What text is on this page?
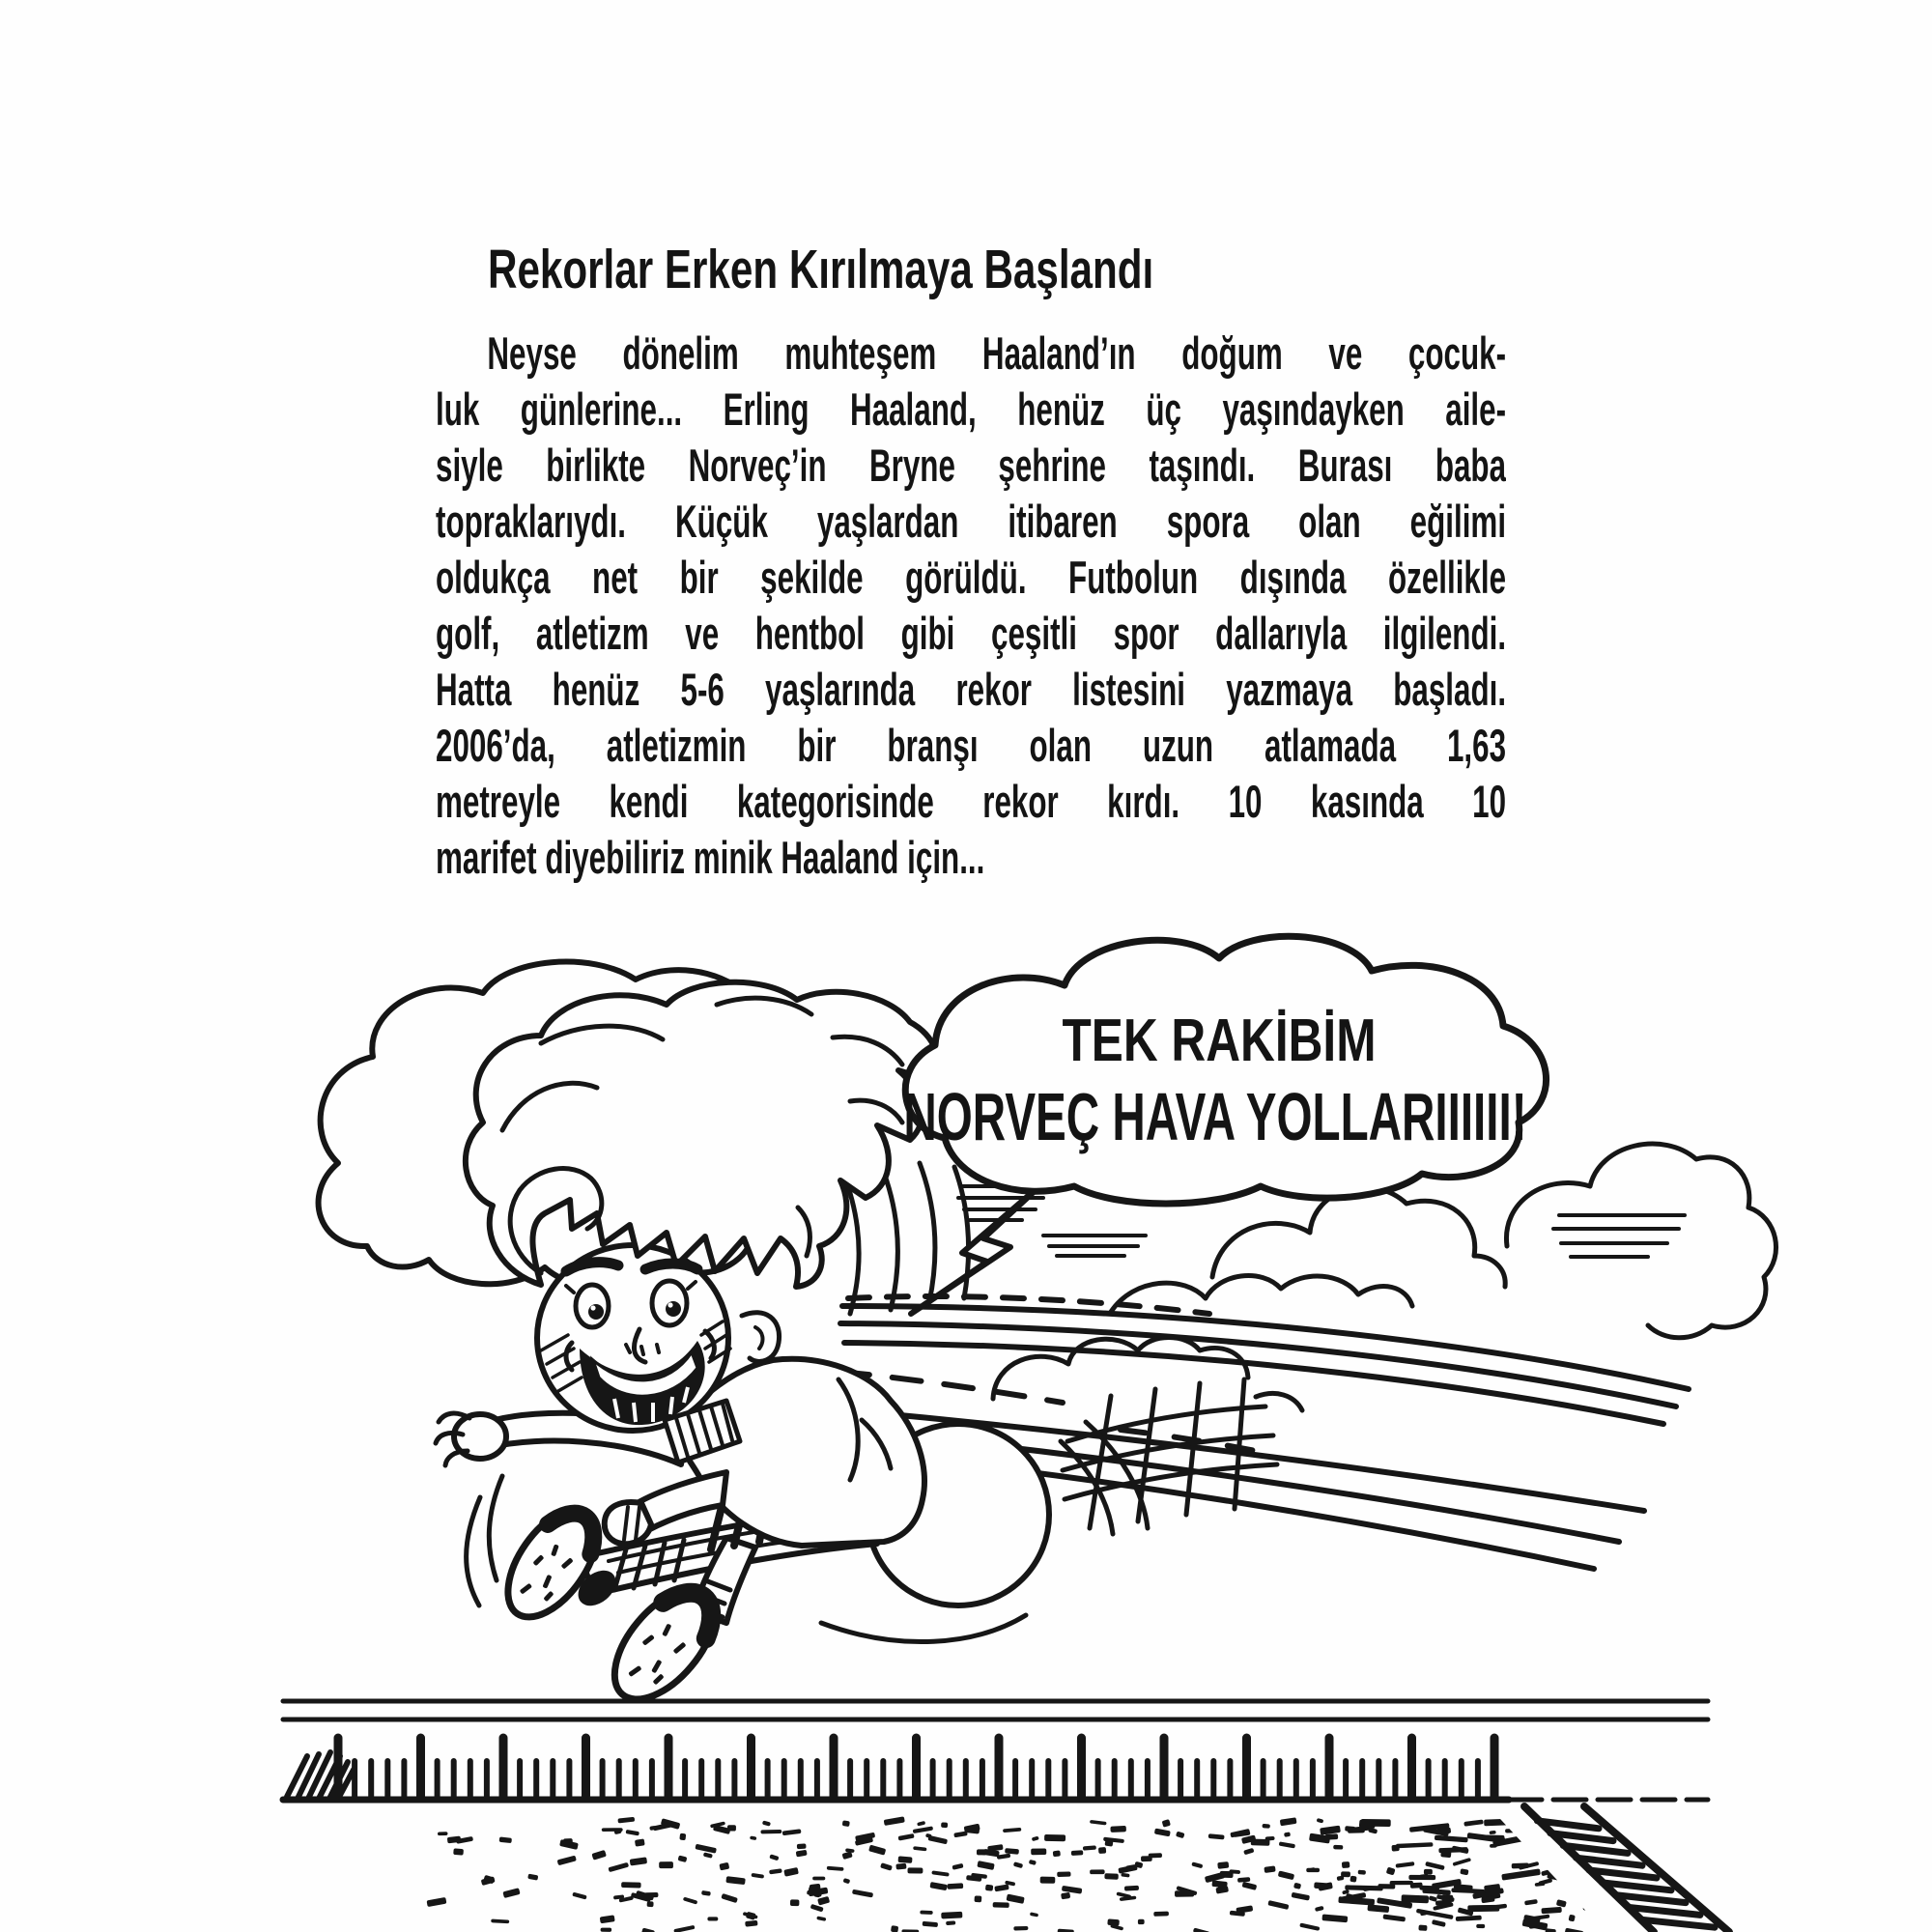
Rekorlar Erken Kırılmaya Başlandı
Neyse dönelim muhteşem Haaland’ın doğum ve çocuk-
luk günlerine... Erling Haaland, henüz üç yaşındayken aile-
siyle birlikte Norveç’in Bryne şehrine taşındı. Burası baba
topraklarıydı. Küçük yaşlardan itibaren spora olan eğilimi
oldukça net bir şekilde görüldü. Futbolun dışında özellikle
golf, atletizm ve hentbol gibi çeşitli spor dallarıyla ilgilendi.
Hatta henüz 5-6 yaşlarında rekor listesini yazmaya başladı.
2006’da, atletizmin bir branşı olan uzun atlamada 1,63
metreyle kendi kategorisinde rekor kırdı. 10 kasında 10
marifet diyebiliriz minik Haaland için...
TEK RAKİBİM
NORVEÇ HAVA YOLLARIIIIII!
